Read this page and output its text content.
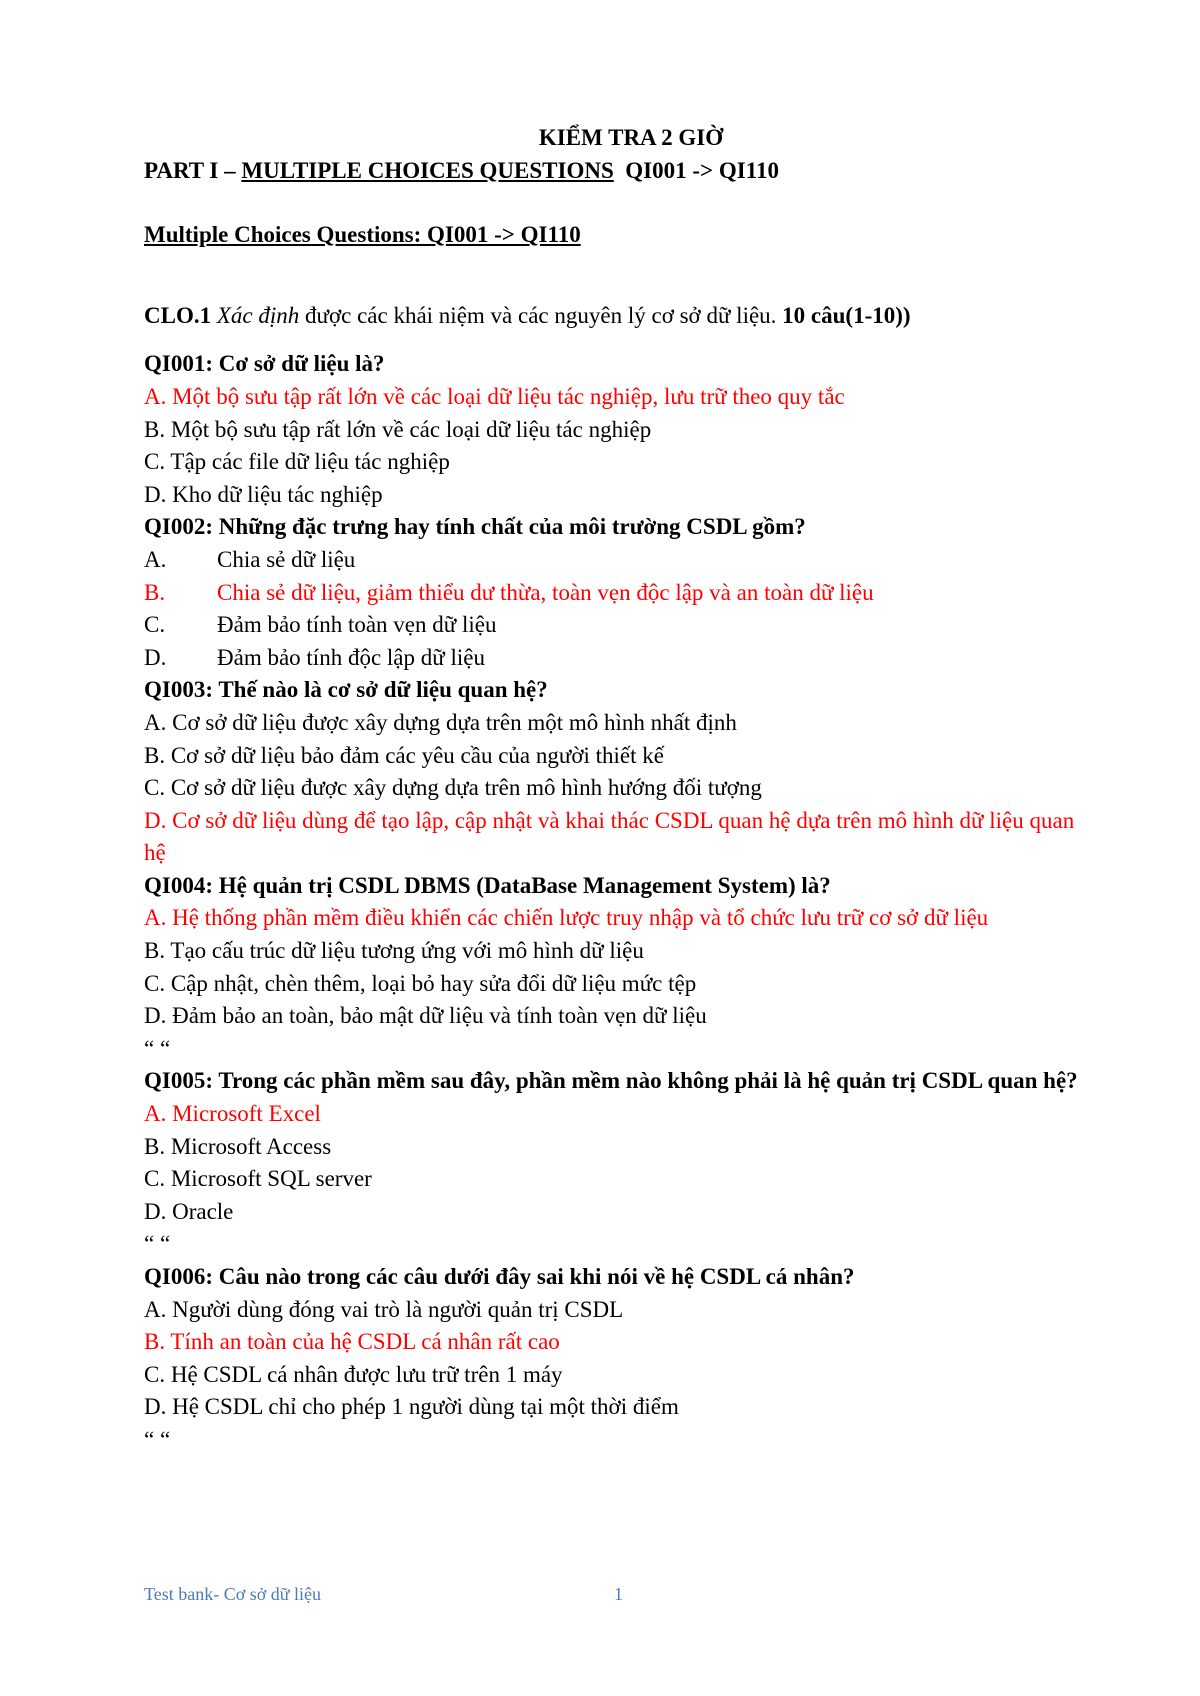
KIỂM TRA 2 GIỜ
PART I – MULTIPLE CHOICES QUESTIONS QI001 -> QI110
Multiple Choices Questions: QI001 -> QI110
CLO.1 Xác định được các khái niệm và các nguyên lý cơ sở dữ liệu. 10 câu(1-10))
QI001: Cơ sở dữ liệu là?
A. Một bộ sưu tập rất lớn về các loại dữ liệu tác nghiệp, lưu trữ theo quy tắc
B. Một bộ sưu tập rất lớn về các loại dữ liệu tác nghiệp
C. Tập các file dữ liệu tác nghiệp
D. Kho dữ liệu tác nghiệp
QI002: Những đặc trưng hay tính chất của môi trường CSDL gồm?
A.	Chia sẻ dữ liệu
B.	Chia sẻ dữ liệu, giảm thiểu dư thừa, toàn vẹn độc lập và an toàn dữ liệu
C.	Đảm bảo tính toàn vẹn dữ liệu
D.	Đảm bảo tính độc lập dữ liệu
QI003: Thế nào là cơ sở dữ liệu quan hệ?
A. Cơ sở dữ liệu được xây dựng dựa trên một mô hình nhất định
B. Cơ sở dữ liệu bảo đảm các yêu cầu của người thiết kế
C. Cơ sở dữ liệu được xây dựng dựa trên mô hình hướng đối tượng
D. Cơ sở dữ liệu dùng để tạo lập, cập nhật và khai thác CSDL quan hệ dựa trên mô hình dữ liệu quan hệ
QI004: Hệ quản trị CSDL DBMS (DataBase Management System) là?
A. Hệ thống phần mềm điều khiển các chiến lược truy nhập và tổ chức lưu trữ cơ sở dữ liệu
B. Tạo cấu trúc dữ liệu tương ứng với mô hình dữ liệu
C. Cập nhật, chèn thêm, loại bỏ hay sửa đổi dữ liệu mức tệp
D. Đảm bảo an toàn, bảo mật dữ liệu và tính toàn vẹn dữ liệu
“ “
QI005: Trong các phần mềm sau đây, phần mềm nào không phải là hệ quản trị CSDL quan hệ?
A. Microsoft Excel
B. Microsoft Access
C. Microsoft SQL server
D. Oracle
“ “
QI006: Câu nào trong các câu dưới đây sai khi nói về hệ CSDL cá nhân?
A. Người dùng đóng vai trò là người quản trị CSDL
B. Tính an toàn của hệ CSDL cá nhân rất cao
C. Hệ CSDL cá nhân được lưu trữ trên 1 máy
D. Hệ CSDL chỉ cho phép 1 người dùng tại một thời điểm
“ “
Test bank- Cơ sở dữ liệu	1
